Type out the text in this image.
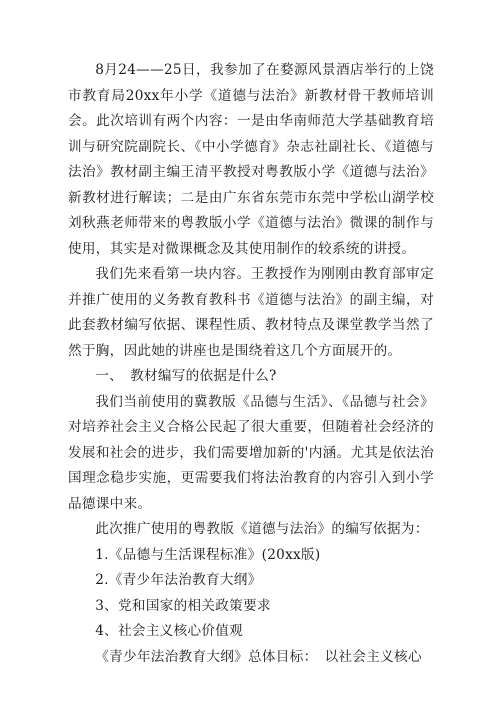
8月24——25日，我参加了在婺源风景酒店举行的上饶市教育局20xx年小学《道德与法治》新教材骨干教师培训会。此次培训有两个内容：一是由华南师范大学基础教育培训与研究院副院长、《中小学德育》杂志社副社长、《道德与法治》教材副主编王清平教授对粤教版小学《道德与法治》新教材进行解读；二是由广东省东莞市东莞中学松山湖学校刘秋燕老师带来的粤教版小学《道德与法治》微课的制作与使用，其实是对微课概念及其使用制作的较系统的讲授。

我们先来看第一块内容。王教授作为刚刚由教育部审定并推广使用的义务教育教科书《道德与法治》的副主编，对此套教材编写依据、课程性质、教材特点及课堂教学当然了然于胸，因此她的讲座也是围绕着这几个方面展开的。

一、　教材编写的依据是什么?

我们当前使用的冀教版《品德与生活》、《品德与社会》对培养社会主义合格公民起了很大重要，但随着社会经济的发展和社会的进步，我们需要增加新的'内涵。尤其是依法治国理念稳步实施，更需要我们将法治教育的内容引入到小学品德课中来。

此次推广使用的粤教版《道德与法治》的编写依据为：

1.《品德与生活课程标准》(20xx版)

2.《青少年法治教育大纲》

3、党和国家的相关政策要求

4、社会主义核心价值观

《青少年法治教育大纲》总体目标：　以社会主义核心
